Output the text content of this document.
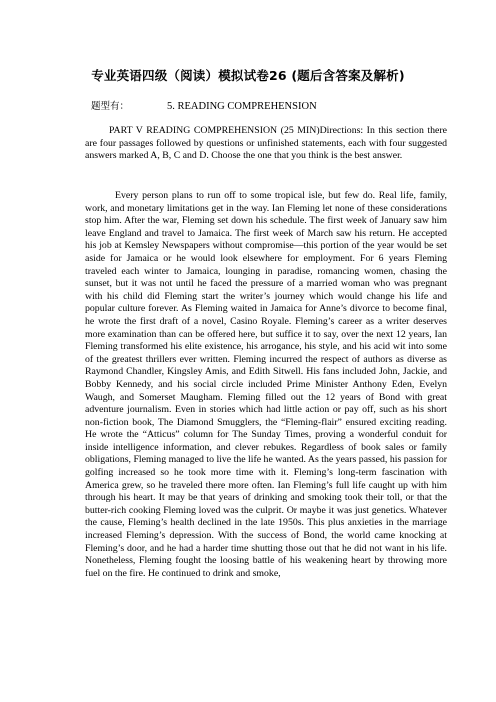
专业英语四级（阅读）模拟试卷26 (题后含答案及解析)
题型有：	5. READING COMPREHENSION
PART V READING COMPREHENSION (25 MIN)Directions: In this section there are four passages followed by questions or unfinished statements, each with four suggested answers marked A, B, C and D. Choose the one that you think is the best answer.
Every person plans to run off to some tropical isle, but few do. Real life, family, work, and monetary limitations get in the way. Ian Fleming let none of these considerations stop him. After the war, Fleming set down his schedule. The first week of January saw him leave England and travel to Jamaica. The first week of March saw his return. He accepted his job at Kemsley Newspapers without compromise—this portion of the year would be set aside for Jamaica or he would look elsewhere for employment. For 6 years Fleming traveled each winter to Jamaica, lounging in paradise, romancing women, chasing the sunset, but it was not until he faced the pressure of a married woman who was pregnant with his child did Fleming start the writer’s journey which would change his life and popular culture forever. As Fleming waited in Jamaica for Anne’s divorce to become final, he wrote the first draft of a novel, Casino Royale. Fleming’s career as a writer deserves more examination than can be offered here, but suffice it to say, over the next 12 years, Ian Fleming transformed his elite existence, his arrogance, his style, and his acid wit into some of the greatest thrillers ever written. Fleming incurred the respect of authors as diverse as Raymond Chandler, Kingsley Amis, and Edith Sitwell. His fans included John, Jackie, and Bobby Kennedy, and his social circle included Prime Minister Anthony Eden, Evelyn Waugh, and Somerset Maugham. Fleming filled out the 12 years of Bond with great adventure journalism. Even in stories which had little action or pay off, such as his short non-fiction book, The Diamond Smugglers, the “Fleming-flair” ensured exciting reading. He wrote the “Atticus” column for The Sunday Times, proving a wonderful conduit for inside intelligence information, and clever rebukes. Regardless of book sales or family obligations, Fleming managed to live the life he wanted. As the years passed, his passion for golfing increased so he took more time with it. Fleming’s long-term fascination with America grew, so he traveled there more often. Ian Fleming’s full life caught up with him through his heart. It may be that years of drinking and smoking took their toll, or that the butter-rich cooking Fleming loved was the culprit. Or maybe it was just genetics. Whatever the cause, Fleming’s health declined in the late 1950s. This plus anxieties in the marriage increased Fleming’s depression. With the success of Bond, the world came knocking at Fleming’s door, and he had a harder time shutting those out that he did not want in his life. Nonetheless, Fleming fought the loosing battle of his weakening heart by throwing more fuel on the fire. He continued to drink and smoke,
